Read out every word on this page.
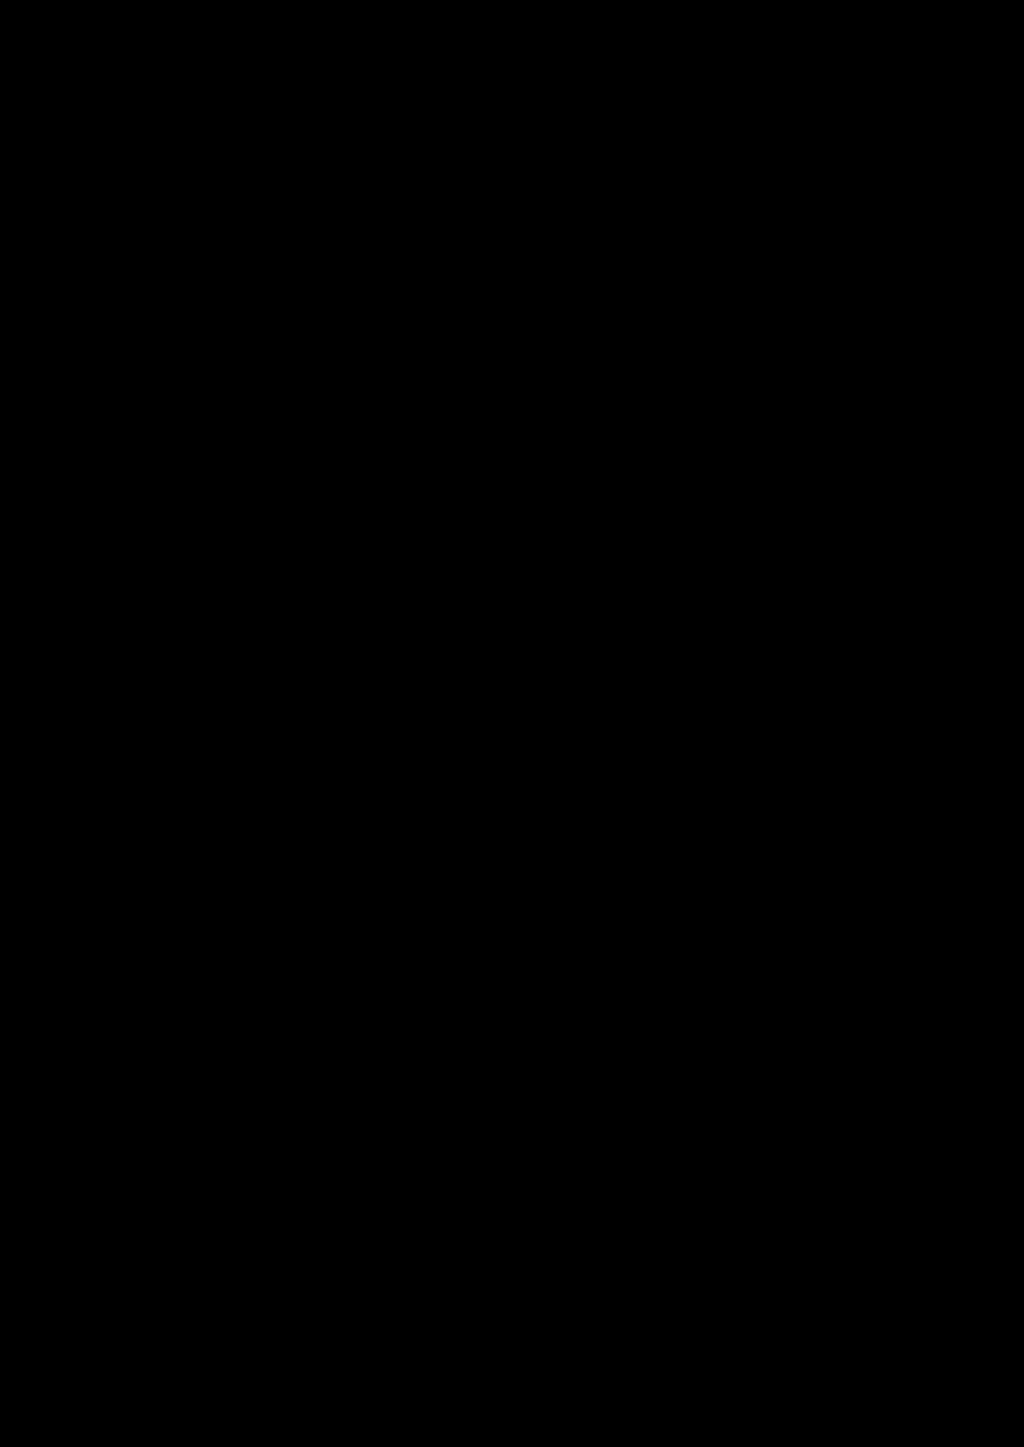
Komisja Gospodarcza i Komisji Prawa i Porządku Publicznego pozytywnie zaopiniowały

ww. projekt uchwały.

Przewodniczący Rady Powiatu Marek Tomicki poddał pod głosowanie projekt uchwały

w sprawie zmiany Regulaminu Organizacyjnego Starostwa Powiatowego w Kole.

W głosowaniu uczestniczyło 18 radnych, za – 18, przeciw- 0, wstrzymało się – 0. Uchwała

została podjęta jednogłośnie, oznaczona Nr VII/45/2015 i stanowi załącznik nr 10 do

protokołu.

Ad 15. Ocena zasobów pomocy społecznej za rok 2014 dla powiatu kolskiego.

Przewodniczący Rady Marek Tomicki poinformował, że informacja nie będzie omawiana,

PCPR co roku składa tego typu sprawozdanie. Jeżeli radni mają jakiekolwiek pytania w tym

zakresie, to jest obecny na sesji pracownik PCPR, który odpowie na pytania. Uwag nikt nie

zgłaszał, w związku z tym Przewodniczący Rady Marek Tomicki poinformował, że Rada

Powiatu przyjęła ocenę zasobów pomocy społecznej za rok 2014 dla powiatu kolskiego przez

aklamację. Informacja stanowi załącznik nr 11 do protokołu.

Ad 16. Podjęcie uchwały w sprawie wprowadzenia zmian w budżecie powiatu na 2015r.

Skarbnik przedstawił propozycje zamian:

- przekazanie przez Gminę Miejską Koło środków finansowych w wysokości 115 000 zł z

przeznaczeniem na remont nawierzchni ul. Konarskiego w Kole.

- remont zabezpieczająco- wzmacniający i rewaloryzacja kaplicy pw. Błogosławionego

Bogumiła w Dobrowie. Wnioskowana kwota dotacji z budżetu Powiatu Kolskiego wynosi

20 000 zł.

- wyrok Naczelnego Sądu Administracyjnego w sprawie skargi Powiatu Kolskiego na decyzję

Zarządu Województwa Wielkopolskiego w przedmiocie określenia przypadającej do zwrotu

kwoty dofinansowania z budżetu UE (dot. przebudowy drogi powiatowej nr 3401P Kłodawa-

Przedecz- Rybno). NSA uchylił wyrok Wojewódzkiego Sądu Administracyjnego i przekazał

sprawę do ponownego rozpatrzenia. W związku z powyższym Powiat Kolski zobowiązany

jest do zwrotu kosztów postępowania kasacyjnego w kwocie 6 721 zł .

Uwag do projektu nikt nie wnosił, Przewodniczący Rady Powiatu Marek Tomicki poddał pod

głosowanie projekt uchwały w sprawie wprowadzenia zmian w budżecie powiatu na 2015r.

W głosowaniu uczestniczyło 18 radnych, za – 17, przeciw- 0, wstrzymało się – 1. Uchwała

została podjęta, oznaczona Nr VII/46/2015 i stanowi załącznik nr 12 do protokołu.

Ad 17. Odpowiedzi na zapytania i interpelacje.

Starosta Kolski Wieńczysław Oblizajek – interpelacja radnego Jana Stępińskiego
